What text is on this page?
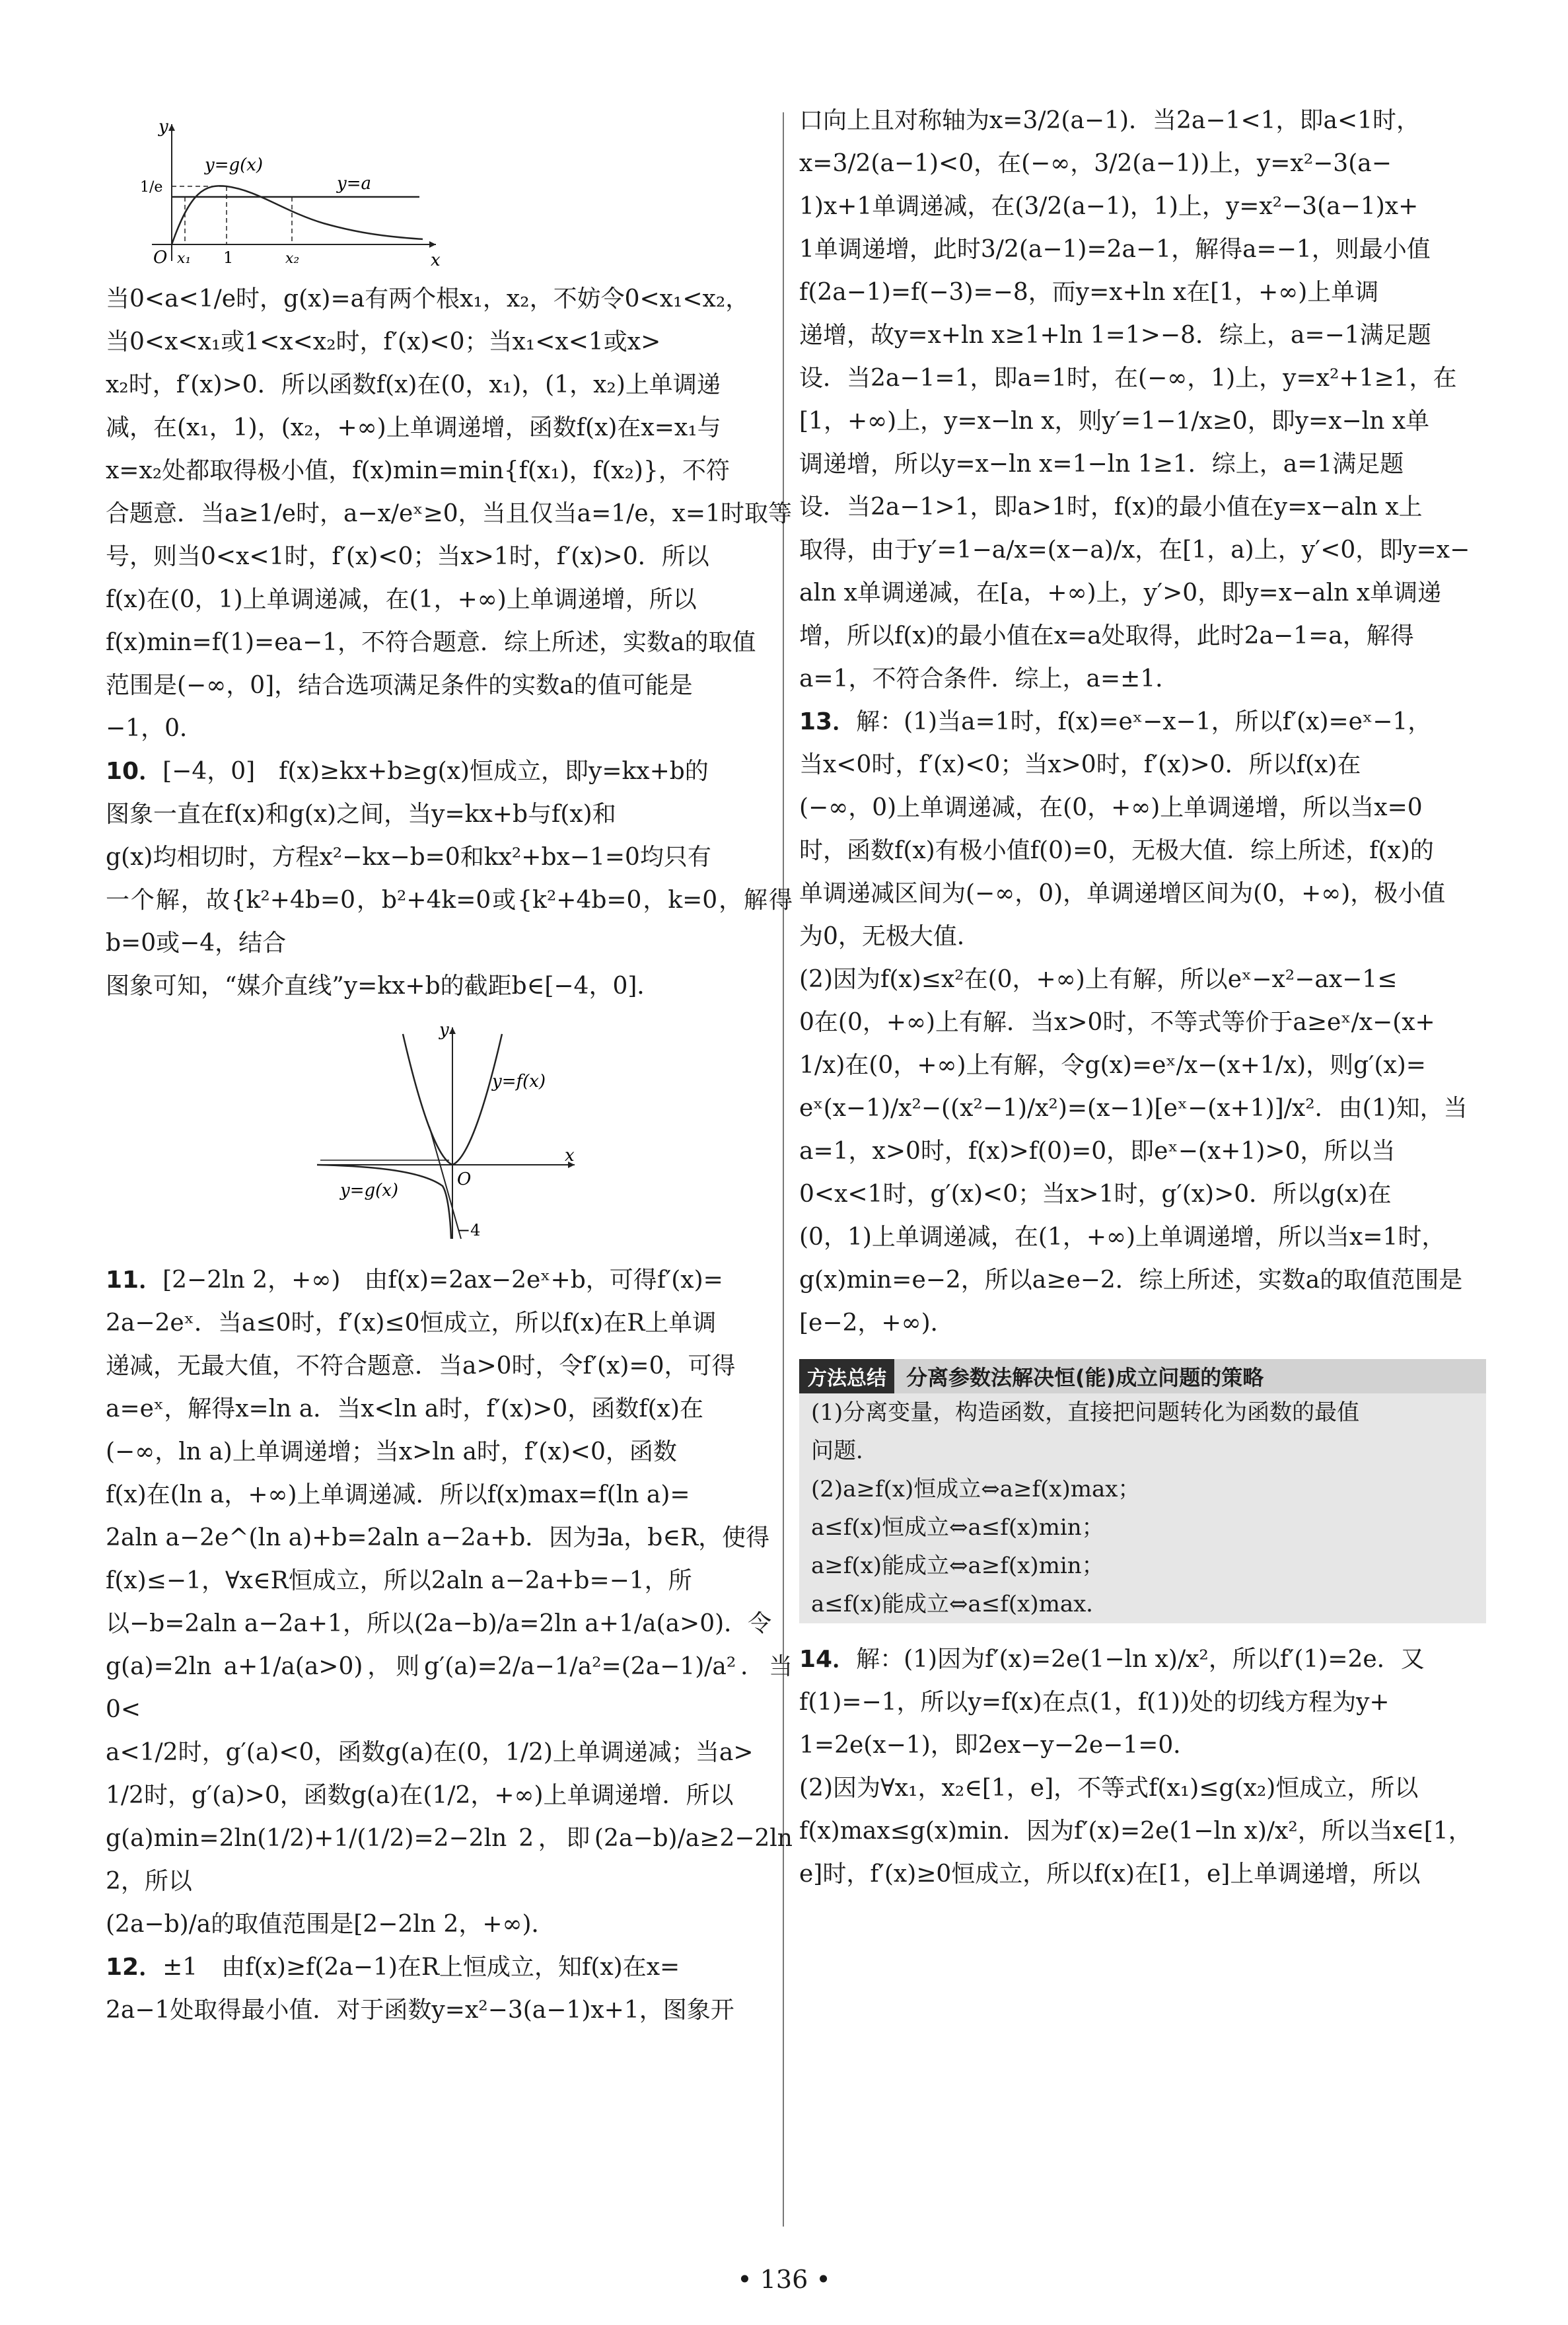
y
x
O
y=g(x)
y=a
1/e
x₁ 1	x₂

当0<a<1/e时，g(x)=a有两个根x₁，x₂，不妨令0<x₁<x₂，

当0<x<x₁或1<x<x₂时，f′(x)<0；当x₁<x<1或x>

x₂时，f′(x)>0．所以函数f(x)在(0，x₁)，(1，x₂)上单调递

减，在(x₁，1)，(x₂，+∞)上单调递增，函数f(x)在x=x₁与

x=x₂处都取得极小值，f(x)min=min{f(x₁)，f(x₂)}，不符

合题意．当a≥1/e时，a−x/eˣ≥0，当且仅当a=1/e，x=1时取等

号，则当0<x<1时，f′(x)<0；当x>1时，f′(x)>0．所以

f(x)在(0，1)上单调递减，在(1，+∞)上单调递增，所以

f(x)min=f(1)=ea−1，不符合题意．综上所述，实数a的取值

范围是(−∞，0]，结合选项满足条件的实数a的值可能是

−1，0．

10．[−4，0]　f(x)≥kx+b≥g(x)恒成立，即y=kx+b的

图象一直在f(x)和g(x)之间，当y=kx+b与f(x)和

g(x)均相切时，方程x²−kx−b=0和kx²+bx−1=0均只有

一个解，故{k²+4b=0，b²+4k=0或{k²+4b=0，k=0，解得b=0或−4，结合

图象可知，“媒介直线”y=kx+b的截距b∈[−4，0]．

y
x
O
y=f(x)
y=g(x)
−4

11．[2−2ln 2，+∞)　由f(x)=2ax−2eˣ+b，可得f′(x)=

2a−2eˣ．当a≤0时，f′(x)≤0恒成立，所以f(x)在R上单调

递减，无最大值，不符合题意．当a>0时，令f′(x)=0，可得

a=eˣ，解得x=ln a．当x<ln a时，f′(x)>0，函数f(x)在

(−∞，ln a)上单调递增；当x>ln a时，f′(x)<0，函数

f(x)在(ln a，+∞)上单调递减．所以f(x)max=f(ln a)=

2aln a−2e^(ln a)+b=2aln a−2a+b．因为∃a，b∈R，使得

f(x)≤−1，∀x∈R恒成立，所以2aln a−2a+b=−1，所

以−b=2aln a−2a+1，所以(2a−b)/a=2ln a+1/a(a>0)．令

g(a)=2ln a+1/a(a>0)，则g′(a)=2/a−1/a²=(2a−1)/a²．当0<

a<1/2时，g′(a)<0，函数g(a)在(0，1/2)上单调递减；当a>

1/2时，g′(a)>0，函数g(a)在(1/2，+∞)上单调递增．所以

g(a)min=2ln(1/2)+1/(1/2)=2−2ln 2，即(2a−b)/a≥2−2ln 2，所以

(2a−b)/a的取值范围是[2−2ln 2，+∞)．

12．±1　由f(x)≥f(2a−1)在R上恒成立，知f(x)在x=

2a−1处取得最小值．对于函数y=x²−3(a−1)x+1，图象开

口向上且对称轴为x=3/2(a−1)．当2a−1<1，即a<1时，

x=3/2(a−1)<0，在(−∞，3/2(a−1))上，y=x²−3(a−

1)x+1单调递减，在(3/2(a−1)，1)上，y=x²−3(a−1)x+

1单调递增，此时3/2(a−1)=2a−1，解得a=−1，则最小值

f(2a−1)=f(−3)=−8，而y=x+ln x在[1，+∞)上单调

递增，故y=x+ln x≥1+ln 1=1>−8．综上，a=−1满足题

设．当2a−1=1，即a=1时，在(−∞，1)上，y=x²+1≥1，在

[1，+∞)上，y=x−ln x，则y′=1−1/x≥0，即y=x−ln x单

调递增，所以y=x−ln x=1−ln 1≥1．综上，a=1满足题

设．当2a−1>1，即a>1时，f(x)的最小值在y=x−aln x上

取得，由于y′=1−a/x=(x−a)/x，在[1，a)上，y′<0，即y=x−

aln x单调递减，在[a，+∞)上，y′>0，即y=x−aln x单调递

增，所以f(x)的最小值在x=a处取得，此时2a−1=a，解得

a=1，不符合条件．综上，a=±1．

13．解：(1)当a=1时，f(x)=eˣ−x−1，所以f′(x)=eˣ−1，

当x<0时，f′(x)<0；当x>0时，f′(x)>0．所以f(x)在

(−∞，0)上单调递减，在(0，+∞)上单调递增，所以当x=0

时，函数f(x)有极小值f(0)=0，无极大值．综上所述，f(x)的

单调递减区间为(−∞，0)，单调递增区间为(0，+∞)，极小值

为0，无极大值．

(2)因为f(x)≤x²在(0，+∞)上有解，所以eˣ−x²−ax−1≤

0在(0，+∞)上有解．当x>0时，不等式等价于a≥eˣ/x−(x+

1/x)在(0，+∞)上有解，令g(x)=eˣ/x−(x+1/x)，则g′(x)=

eˣ(x−1)/x²−((x²−1)/x²)=(x−1)[eˣ−(x+1)]/x²．由(1)知，当

a=1，x>0时，f(x)>f(0)=0，即eˣ−(x+1)>0，所以当

0<x<1时，g′(x)<0；当x>1时，g′(x)>0．所以g(x)在

(0，1)上单调递减，在(1，+∞)上单调递增，所以当x=1时，

g(x)min=e−2，所以a≥e−2．综上所述，实数a的取值范围是

[e−2，+∞)．

方法总结 分离参数法解决恒(能)成立问题的策略
(1)分离变量，构造函数，直接把问题转化为函数的最值
问题．
(2)a≥f(x)恒成立⇔a≥f(x)max；
a≤f(x)恒成立⇔a≤f(x)min；
a≥f(x)能成立⇔a≥f(x)min；
a≤f(x)能成立⇔a≤f(x)max．

14．解：(1)因为f′(x)=2e(1−ln x)/x²，所以f′(1)=2e．又

f(1)=−1，所以y=f(x)在点(1，f(1))处的切线方程为y+

1=2e(x−1)，即2ex−y−2e−1=0．

(2)因为∀x₁，x₂∈[1，e]，不等式f(x₁)≤g(x₂)恒成立，所以

f(x)max≤g(x)min．因为f′(x)=2e(1−ln x)/x²，所以当x∈[1，

e]时，f′(x)≥0恒成立，所以f(x)在[1，e]上单调递增，所以

• 136 •
